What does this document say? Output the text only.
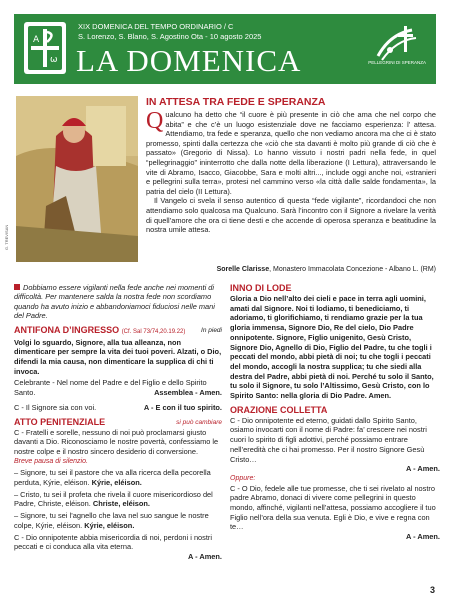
A
ω
XIX DOMENICA DEL TEMPO ORDINARIO / C
S. Lorenzo, S. Blano, S. Agostino Ota - 10 agosto 2025
LA DOMENICA	PELLEGRINI DI SPERANZA
G. TREVISAN
IN ATTESA TRA FEDE E SPERANZA
Q ualcuno ha detto che “il cuore è più presente in ciò che ama che nel corpo che abita” e che c’è un luogo esistenziale dove ne facciamo esperienza: l’ attesa. Attendiamo, tra fede e speranza, quello che non vediamo ancora ma che ci è stato promesso, spinti dalla certezza che «ciò che sta davanti è molto più grande di ciò che è passato» (Gregorio di Nissa). Lo hanno vissuto i nostri padri nella fede, in quel “pellegrinaggio” ininterrotto che dalla notte della liberazione (I Lettura), attraversando le vite di Abramo, Isacco, Giacobbe, Sara e molti altri..., include oggi anche noi, «stranieri e pellegrini sulla terra», protesi nel cammino verso «la città dalle salde fondamenta», la patria del cielo (II Lettura).
Il Vangelo ci svela il senso autentico di questa “fede vigilante”, ricordandoci che non attendiamo solo qualcosa ma Qualcuno. Sarà l’incontro con il Signore a rivelare la verità di quell’amore che ora ci tiene desti e che accende di operosa speranza e beatitudine la nostra umile attesa.
Sorelle Clarisse, Monastero Immacolata Concezione - Albano L. (RM)
Dobbiamo essere vigilanti nella fede anche nei momenti di difficoltà. Per mantenere salda la nostra fede non scordiamo quando ha avuto inizio e abbandoniamoci fiduciosi nelle mani del Padre.
ANTIFONA D’INGRESSO (Cf. Sal 73/74,20.19.22) In piedi
Volgi lo sguardo, Signore, alla tua alleanza, non dimenticare per sempre la vita dei tuoi poveri. Alzati, o Dio, difendi la mia causa, non dimenticare la supplica di chi ti invoca.
Celebrante - Nel nome del Padre e del Figlio e dello Spirito Santo.	Assemblea - Amen.
C - Il Signore sia con voi.	A - E con il tuo spirito.
ATTO PENITENZIALE	si può cambiare
C - Fratelli e sorelle, nessuno di noi può proclamarsi giusto davanti a Dio. Riconosciamo le nostre povertà, confessiamo le nostre colpe e il nostro sincero desiderio di conversione.
Breve pausa di silenzio.
– Signore, tu sei il pastore che va alla ricerca della pecorella perduta, Kýrie, eléison. Kýrie, eléison.
– Cristo, tu sei il profeta che rivela il cuore misericordioso del Padre, Christe, eléison. Christe, eléison.
– Signore, tu sei l’agnello che lava nel suo sangue le nostre colpe, Kýrie, eléison. Kýrie, eléison.
C - Dio onnipotente abbia misericordia di noi, perdoni i nostri peccati e ci conduca alla vita eterna.
A - Amen.
INNO DI LODE
Gloria a Dio nell’alto dei cieli e pace in terra agli uomini, amati dal Signore. Noi ti lodiamo, ti benediciamo, ti adoriamo, ti glorifichiamo, ti rendiamo grazie per la tua gloria immensa, Signore Dio, Re del cielo, Dio Padre onnipotente. Signore, Figlio unigenito, Gesù Cristo, Signore Dio, Agnello di Dio, Figlio del Padre, tu che togli i peccati del mondo, abbi pietà di noi; tu che togli i peccati del mondo, accogli la nostra supplica; tu che siedi alla destra del Padre, abbi pietà di noi. Perché tu solo il Santo, tu solo il Signore, tu solo l’Altissimo, Gesù Cristo, con lo Spirito Santo: nella gloria di Dio Padre. Amen.
ORAZIONE COLLETTA
C - Dio onnipotente ed eterno, guidati dallo Spirito Santo, osiamo invocarti con il nome di Padre: fa’ crescere nei nostri cuori lo spirito di figli adottivi, perché possiamo entrare nell’eredità che ci hai promesso. Per il nostro Signore Gesù Cristo…
A - Amen.
Oppure:
C - O Dio, fedele alle tue promesse, che ti sei rivelato al nostro padre Abramo, donaci di vivere come pellegrini in questo mondo, affinché, vigilanti nell’attesa, possiamo accogliere il tuo Figlio nell’ora della sua venuta. Egli è Dio, e vive e regna con te…
A - Amen.
3
